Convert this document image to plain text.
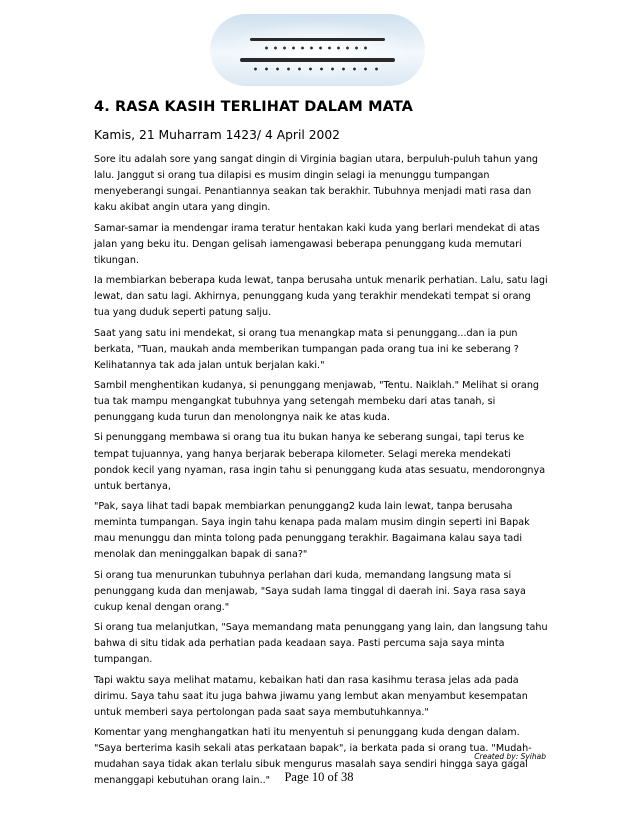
4. RASA KASIH TERLIHAT DALAM MATA
Kamis, 21 Muharram 1423/ 4 April 2002

Sore itu adalah sore yang sangat dingin di Virginia bagian utara, berpuluh-puluh tahun yang lalu. Janggut si orang tua dilapisi es musim dingin selagi ia menunggu tumpangan menyeberangi sungai. Penantiannya seakan tak berakhir. Tubuhnya menjadi mati rasa dan kaku akibat angin utara yang dingin.

Samar-samar ia mendengar irama teratur hentakan kaki kuda yang berlari mendekat di atas jalan yang beku itu. Dengan gelisah iamengawasi beberapa penunggang kuda memutari tikungan.

Ia membiarkan beberapa kuda lewat, tanpa berusaha untuk menarik perhatian. Lalu, satu lagi lewat, dan satu lagi. Akhirnya, penunggang kuda yang terakhir mendekati tempat si orang tua yang duduk seperti patung salju.

Saat yang satu ini mendekat, si orang tua menangkap mata si penunggang...dan ia pun berkata, "Tuan, maukah anda memberikan tumpangan pada orang tua ini ke seberang ? Kelihatannya tak ada jalan untuk berjalan kaki."

Sambil menghentikan kudanya, si penunggang menjawab, "Tentu. Naiklah." Melihat si orang tua tak mampu mengangkat tubuhnya yang setengah membeku dari atas tanah, si penunggang kuda turun dan menolongnya naik ke atas kuda.

Si penunggang membawa si orang tua itu bukan hanya ke seberang sungai, tapi terus ke tempat tujuannya, yang hanya berjarak beberapa kilometer. Selagi mereka mendekati pondok kecil yang nyaman, rasa ingin tahu si penunggang kuda atas sesuatu, mendorongnya untuk bertanya,

"Pak, saya lihat tadi bapak membiarkan penunggang2 kuda lain lewat, tanpa berusaha meminta tumpangan. Saya ingin tahu kenapa pada malam musim dingin seperti ini Bapak mau menunggu dan minta tolong pada penunggang terakhir. Bagaimana kalau saya tadi menolak dan meninggalkan bapak di sana?"

Si orang tua menurunkan tubuhnya perlahan dari kuda, memandang langsung mata si penunggang kuda dan menjawab, "Saya sudah lama tinggal di daerah ini. Saya rasa saya cukup kenal dengan orang."

Si orang tua melanjutkan, "Saya memandang mata penunggang yang lain, dan langsung tahu bahwa di situ tidak ada perhatian pada keadaan saya. Pasti percuma saja saya minta tumpangan.

Tapi waktu saya melihat matamu, kebaikan hati dan rasa kasihmu terasa jelas ada pada dirimu. Saya tahu saat itu juga bahwa jiwamu yang lembut akan menyambut kesempatan untuk memberi saya pertolongan pada saat saya membutuhkannya."

Komentar yang menghangatkan hati itu menyentuh si penunggang kuda dengan dalam. "Saya berterima kasih sekali atas perkataan bapak", ia berkata pada si orang tua. "Mudah-mudahan saya tidak akan terlalu sibuk mengurus masalah saya sendiri hingga saya gagal menanggapi kebutuhan orang lain.."

Created by: Syihab
Page 10 of 38
